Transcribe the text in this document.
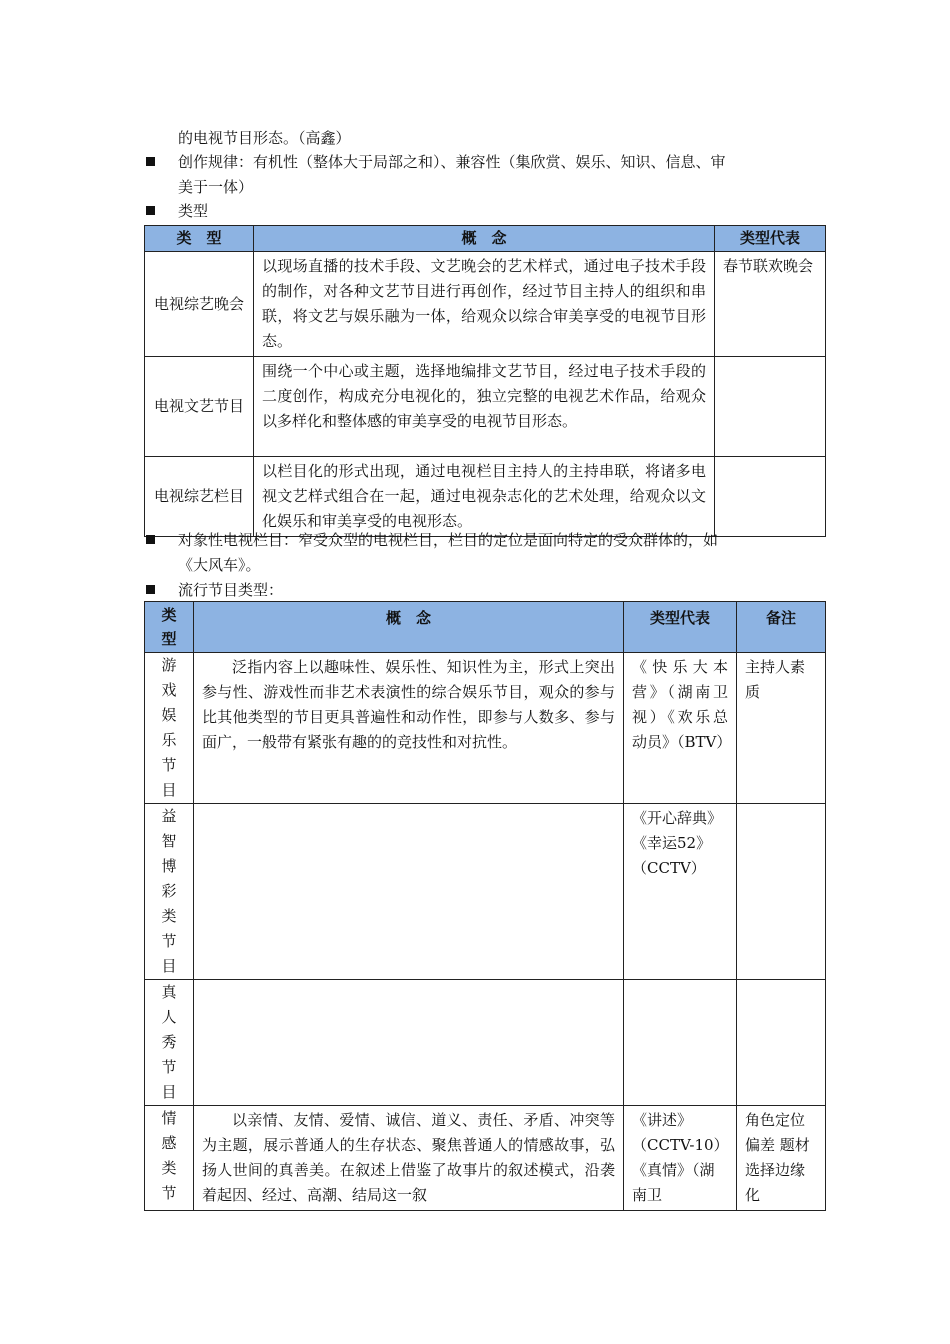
的电视节目形态。（高鑫）
创作规律：有机性（整体大于局部之和）、兼容性（集欣赏、娱乐、知识、信息、审
美于一体）
类型
类　型	概　念	类型代表
电视综艺晚会	以现场直播的技术手段、文艺晚会的艺术样式，通过电子技术手段的制作，对各种文艺节目进行再创作，经过节目主持人的组织和串联，将文艺与娱乐融为一体，给观众以综合审美享受的电视节目形态。	春节联欢晚会
电视文艺节目	围绕一个中心或主题，选择地编排文艺节目，经过电子技术手段的二度创作，构成充分电视化的，独立完整的电视艺术作品，给观众以多样化和整体感的审美享受的电视节目形态。	
电视综艺栏目	以栏目化的形式出现，通过电视栏目主持人的主持串联，将诸多电视文艺样式组合在一起，通过电视杂志化的艺术处理，给观众以文化娱乐和审美享受的电视形态。	
对象性电视栏目：窄受众型的电视栏目，栏目的定位是面向特定的受众群体的，如
《大风车》。
流行节目类型：
类型	概　念	类型代表	备注
游戏娱乐节目	泛指内容上以趣味性、娱乐性、知识性为主，形式上突出参与性、游戏性而非艺术表演性的综合娱乐节目，观众的参与比其他类型的节目更具普遍性和动作性，即参与人数多、参与面广，一般带有紧张有趣的的竞技性和对抗性。	《快乐大本营》（湖南卫视）《欢乐总动员》（BTV）	主持人素质
益智博彩类节目		《开心辞典》《幸运52》（CCTV）	
真人秀节目			
情感类节	以亲情、友情、爱情、诚信、道义、责任、矛盾、冲突等为主题，展示普通人的生存状态、聚焦普通人的情感故事，弘扬人世间的真善美。在叙述上借鉴了故事片的叙述模式，沿袭着起因、经过、高潮、结局这一叙	《讲述》（CCTV-10）《真情》（湖南卫	角色定位偏差 题材选择边缘化
